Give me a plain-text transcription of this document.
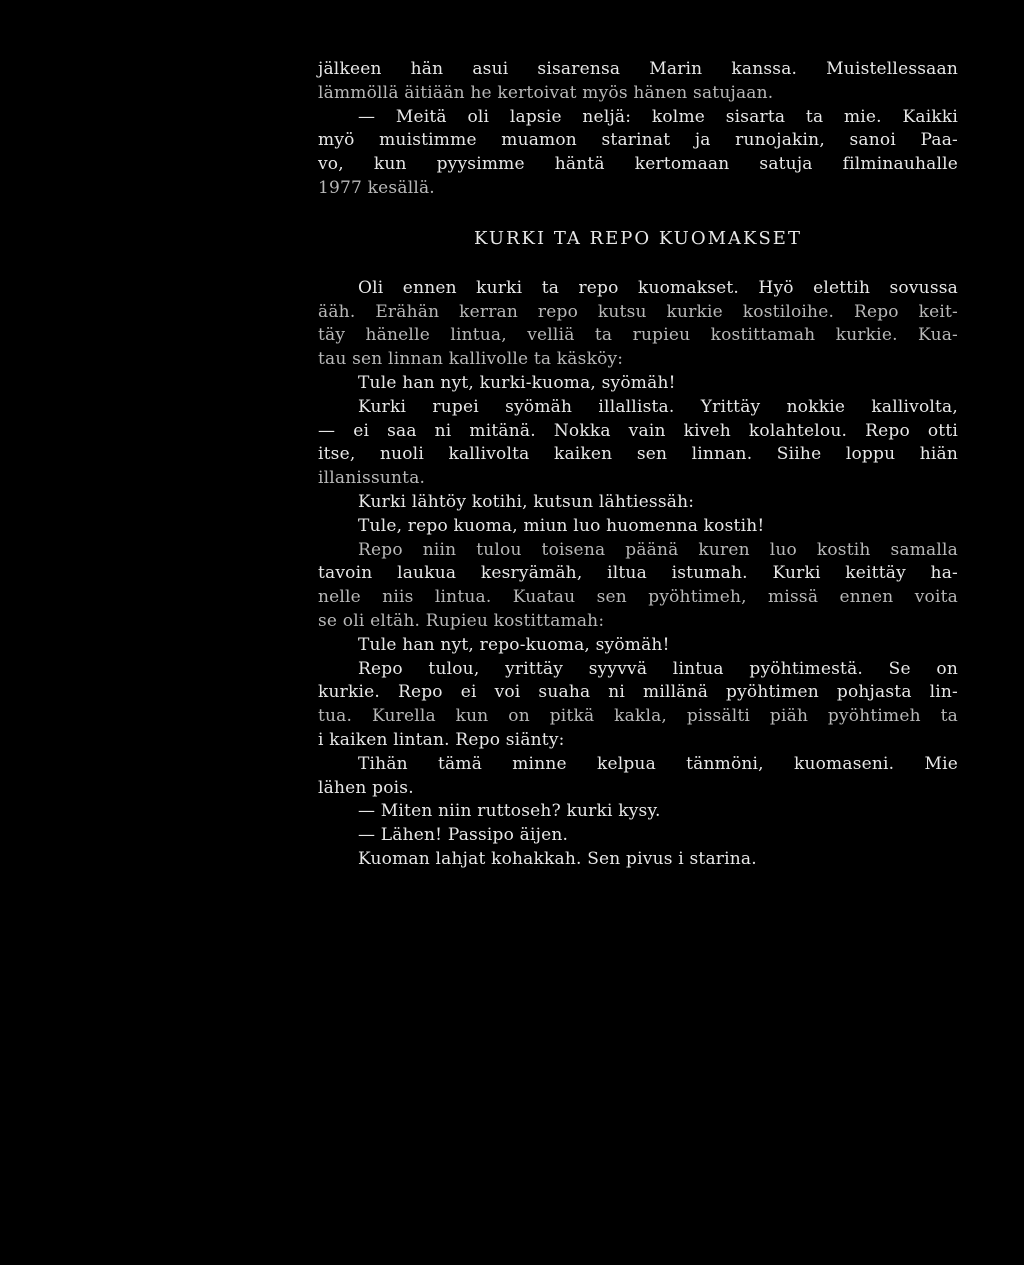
jälkeen hän asui sisarensa Marin kanssa. Muistellessaan
lämmöllä äitiään he kertoivat myös hänen satujaan.
— Meitä oli lapsie neljä: kolme sisarta ta mie. Kaikki
myö muistimme muamon starinat ja runojakin, sanoi Paa-
vo, kun pyysimme häntä kertomaan satuja filminauhalle
1977 kesällä.
KURKI TA REPO KUOMAKSET
Oli ennen kurki ta repo kuomakset. Hyö elettih sovussa
ääh. Erähän kerran repo kutsu kurkie kostiloihe. Repo keit-
täy hänelle lintua, velliä ta rupieu kostittamah kurkie. Kua-
tau sen linnan kallivolle ta käsköy:
Tule han nyt, kurki-kuoma, syömäh!
Kurki rupei syömäh illallista. Yrittäy nokkie kallivolta,
— ei saa ni mitänä. Nokka vain kiveh kolahtelou. Repo otti
itse, nuoli kallivolta kaiken sen linnan. Siihe loppu hiän
illanissunta.
Kurki lähtöy kotihi, kutsun lähtiessäh:
Tule, repo kuoma, miun luo huomenna kostih!
Repo niin tulou toisena päänä kuren luo kostih samalla
tavoin laukua kesryämäh, iltua istumah. Kurki keittäy ha-
nelle niis lintua. Kuatau sen pyöhtimeh, missä ennen voita
se oli eltäh. Rupieu kostittamah:
Tule han nyt, repo-kuoma, syömäh!
Repo tulou, yrittäy syyvvä lintua pyöhtimestä. Se on
kurkie. Repo ei voi suaha ni millänä pyöhtimen pohjasta lin-
tua. Kurella kun on pitkä kakla, pissälti piäh pyöhtimeh ta
i kaiken lintan. Repo siänty:
Tihän tämä minne kelpua tänmöni, kuomaseni. Mie
lähen pois.
— Miten niin ruttoseh? kurki kysy.
— Lähen! Passipo äijen.
Kuoman lahjat kohakkah. Sen pivus i starina.
